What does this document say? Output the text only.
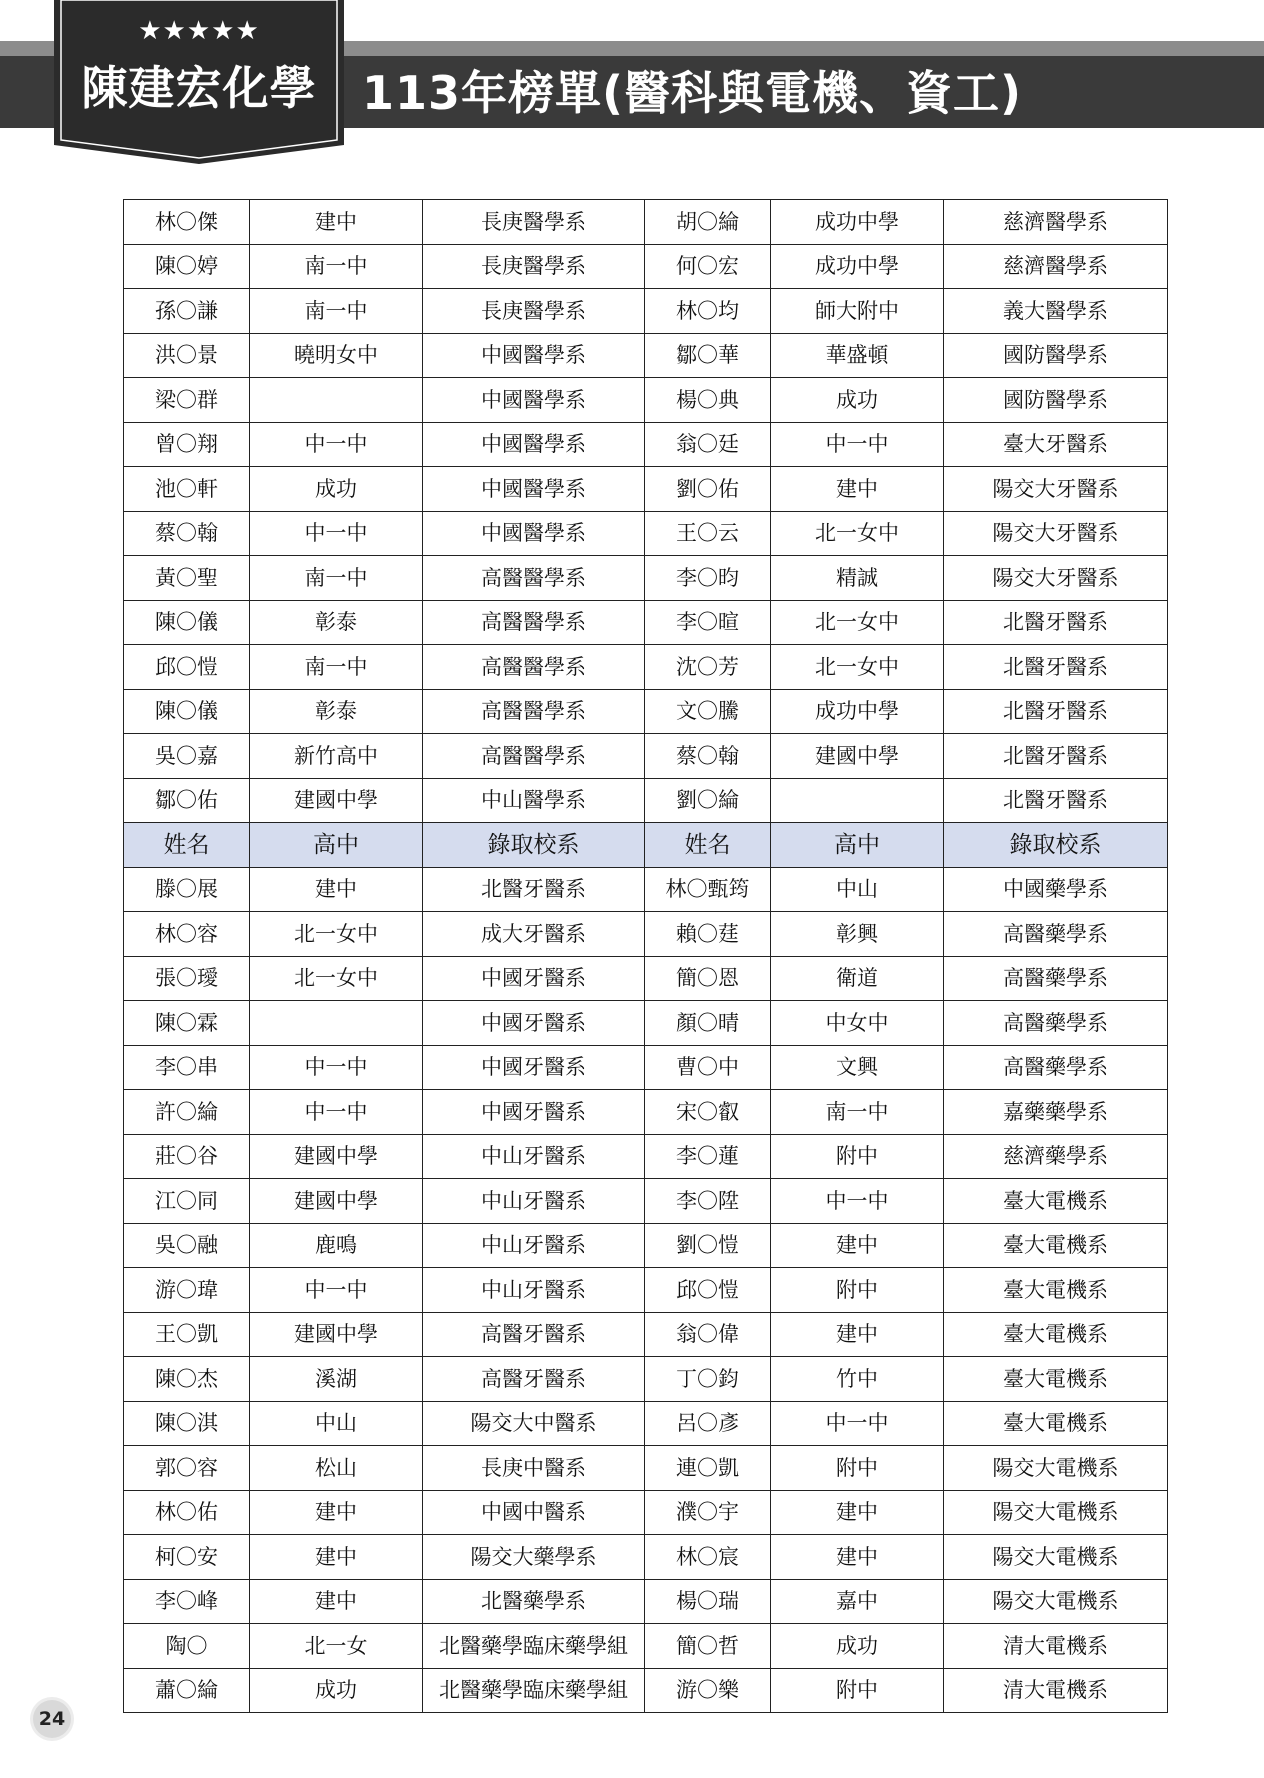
★★★★★
陳建宏化學 113年榜單(醫科與電機、資工)
林〇傑	建中	長庚醫學系	胡〇綸	成功中學	慈濟醫學系
陳〇婷	南一中	長庚醫學系	何〇宏	成功中學	慈濟醫學系
孫〇謙	南一中	長庚醫學系	林〇均	師大附中	義大醫學系
洪〇景	曉明女中	中國醫學系	鄒〇華	華盛頓	國防醫學系
梁〇群		中國醫學系	楊〇典	成功	國防醫學系
曾〇翔	中一中	中國醫學系	翁〇廷	中一中	臺大牙醫系
池〇軒	成功	中國醫學系	劉〇佑	建中	陽交大牙醫系
蔡〇翰	中一中	中國醫學系	王〇云	北一女中	陽交大牙醫系
黃〇聖	南一中	高醫醫學系	李〇昀	精誠	陽交大牙醫系
陳〇儀	彰泰	高醫醫學系	李〇暄	北一女中	北醫牙醫系
邱〇愷	南一中	高醫醫學系	沈〇芳	北一女中	北醫牙醫系
陳〇儀	彰泰	高醫醫學系	文〇騰	成功中學	北醫牙醫系
吳〇嘉	新竹高中	高醫醫學系	蔡〇翰	建國中學	北醫牙醫系
鄒〇佑	建國中學	中山醫學系	劉〇綸		北醫牙醫系
姓名	高中	錄取校系	姓名	高中	錄取校系
滕〇展	建中	北醫牙醫系	林〇甄筠	中山	中國藥學系
林〇容	北一女中	成大牙醫系	賴〇莛	彰興	高醫藥學系
張〇璦	北一女中	中國牙醫系	簡〇恩	衛道	高醫藥學系
陳〇霖		中國牙醫系	顏〇晴	中女中	高醫藥學系
李〇串	中一中	中國牙醫系	曹〇中	文興	高醫藥學系
許〇綸	中一中	中國牙醫系	宋〇叡	南一中	嘉藥藥學系
莊〇谷	建國中學	中山牙醫系	李〇蓮	附中	慈濟藥學系
江〇同	建國中學	中山牙醫系	李〇陞	中一中	臺大電機系
吳〇融	鹿鳴	中山牙醫系	劉〇愷	建中	臺大電機系
游〇瑋	中一中	中山牙醫系	邱〇愷	附中	臺大電機系
王〇凱	建國中學	高醫牙醫系	翁〇偉	建中	臺大電機系
陳〇杰	溪湖	高醫牙醫系	丁〇鈞	竹中	臺大電機系
陳〇淇	中山	陽交大中醫系	呂〇彥	中一中	臺大電機系
郭〇容	松山	長庚中醫系	連〇凱	附中	陽交大電機系
林〇佑	建中	中國中醫系	濮〇宇	建中	陽交大電機系
柯〇安	建中	陽交大藥學系	林〇宸	建中	陽交大電機系
李〇峰	建中	北醫藥學系	楊〇瑞	嘉中	陽交大電機系
陶〇	北一女	北醫藥學臨床藥學組	簡〇哲	成功	清大電機系
蕭〇綸	成功	北醫藥學臨床藥學組	游〇樂	附中	清大電機系
24
